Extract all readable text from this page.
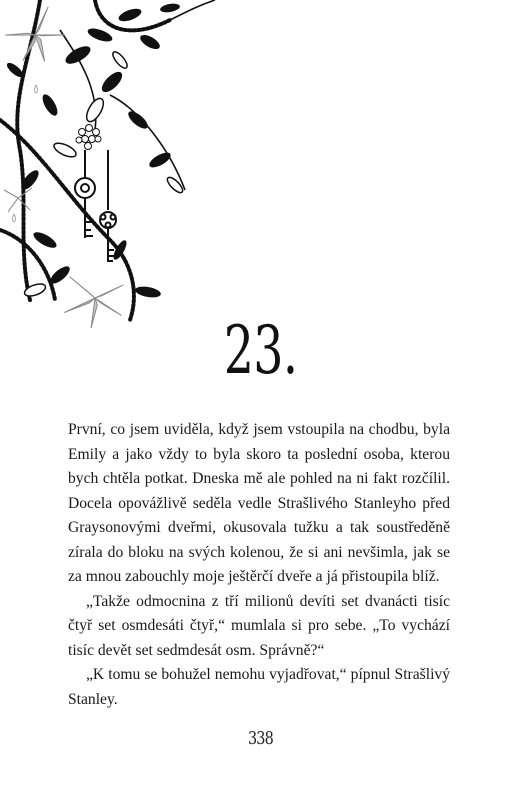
23.

První, co jsem uviděla, když jsem vstoupila na chodbu, byla Emily a jako vždy to byla skoro ta poslední osoba, kterou bych chtěla potkat. Dneska mě ale pohled na ni fakt rozčílil. Docela opovážlivě seděla vedle Strašlivého Stanleyho před Graysonovými dveřmi, okusovala tužku a tak soustředěně zírala do bloku na svých kolenou, že si ani nevšimla, jak se za mnou zabouchly moje ještěrčí dveře a já přistoupila blíž.

„Takže odmocnina z tří milionů devíti set dvanácti tisíc čtyř set osmdesáti čtyř,“ mumlala si pro sebe. „To vychází tisíc devět set sedmdesát osm. Správně?“

„K tomu se bohužel nemohu vyjadřovat,“ pípnul Strašlivý Stanley.

338
